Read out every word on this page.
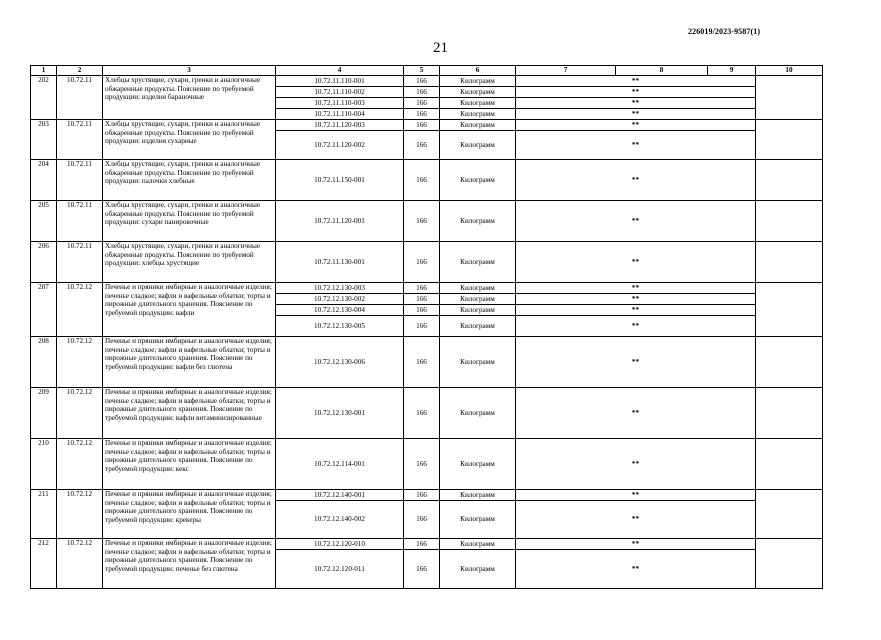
226019/2023-9587(1)
21
1	2	3	4	5	6	7	8	9	10
202	10.72.11	Хлебцы хрустящие, сухари, гренки и аналогичные обжаренные продукты. Пояснение по требуемой продукции: изделия бараночные	10.72.11.110-001	166	Килограмм	**			
			10.72.11.110-002	166	Килограмм	**			
			10.72.11.110-003	166	Килограмм	**			
			10.72.11.110-004	166	Килограмм	**			
203	10.72.11	Хлебцы хрустящие, сухари, гренки и аналогичные обжаренные продукты. Пояснение по требуемой продукции: изделия сухарные	10.72.11.120-003	166	Килограмм	**			
			10.72.11.120-002	166	Килограмм	**			
204	10.72.11	Хлебцы хрустящие, сухари, гренки и аналогичные обжаренные продукты. Пояснение по требуемой продукции: палочки хлебные	10.72.11.150-001	166	Килограмм	**			
205	10.72.11	Хлебцы хрустящие, сухари, гренки и аналогичные обжаренные продукты. Пояснение по требуемой продукции: сухари панировочные	10.72.11.120-001	166	Килограмм	**			
206	10.72.11	Хлебцы хрустящие, сухари, гренки и аналогичные обжаренные продукты. Пояснение по требуемой продукции: хлебцы хрустящие	10.72.11.130-001	166	Килограмм	**			
207	10.72.12	Печенье и пряники имбирные и аналогичные изделия; печенье сладкое; вафли и вафельные облатки; торты и пирожные длительного хранения. Пояснение по требуемой продукции: вафли	10.72.12.130-003	166	Килограмм	**			
			10.72.12.130-002	166	Килограмм	**			
			10.72.12.130-004	166	Килограмм	**			
			10.72.12.130-005	166	Килограмм	**			
208	10.72.12	Печенье и пряники имбирные и аналогичные изделия; печенье сладкое; вафли и вафельные облатки; торты и пирожные длительного хранения. Пояснение по требуемой продукции: вафли без глютена	10.72.12.130-006	166	Килограмм	**			
209	10.72.12	Печенье и пряники имбирные и аналогичные изделия; печенье сладкое; вафли и вафельные облатки; торты и пирожные длительного хранения. Пояснение по требуемой продукции: вафли витаминизированные	10.72.12.130-001	166	Килограмм	**			
210	10.72.12	Печенье и пряники имбирные и аналогичные изделия; печенье сладкое; вафли и вафельные облатки; торты и пирожные длительного хранения. Пояснение по требуемой продукции: кекс	10.72.12.114-001	166	Килограмм	**			
211	10.72.12	Печенье и пряники имбирные и аналогичные изделия; печенье сладкое; вафли и вафельные облатки; торты и пирожные длительного хранения. Пояснение по требуемой продукции: крекеры	10.72.12.140-001	166	Килограмм	**			
			10.72.12.140-002	166	Килограмм	**			
212	10.72.12	Печенье и пряники имбирные и аналогичные изделия; печенье сладкое; вафли и вафельные облатки; торты и пирожные длительного хранения. Пояснение по требуемой продукции: печенье без глютена	10.72.12.120-010	166	Килограмм	**			
			10.72.12.120-011	166	Килограмм	**			
